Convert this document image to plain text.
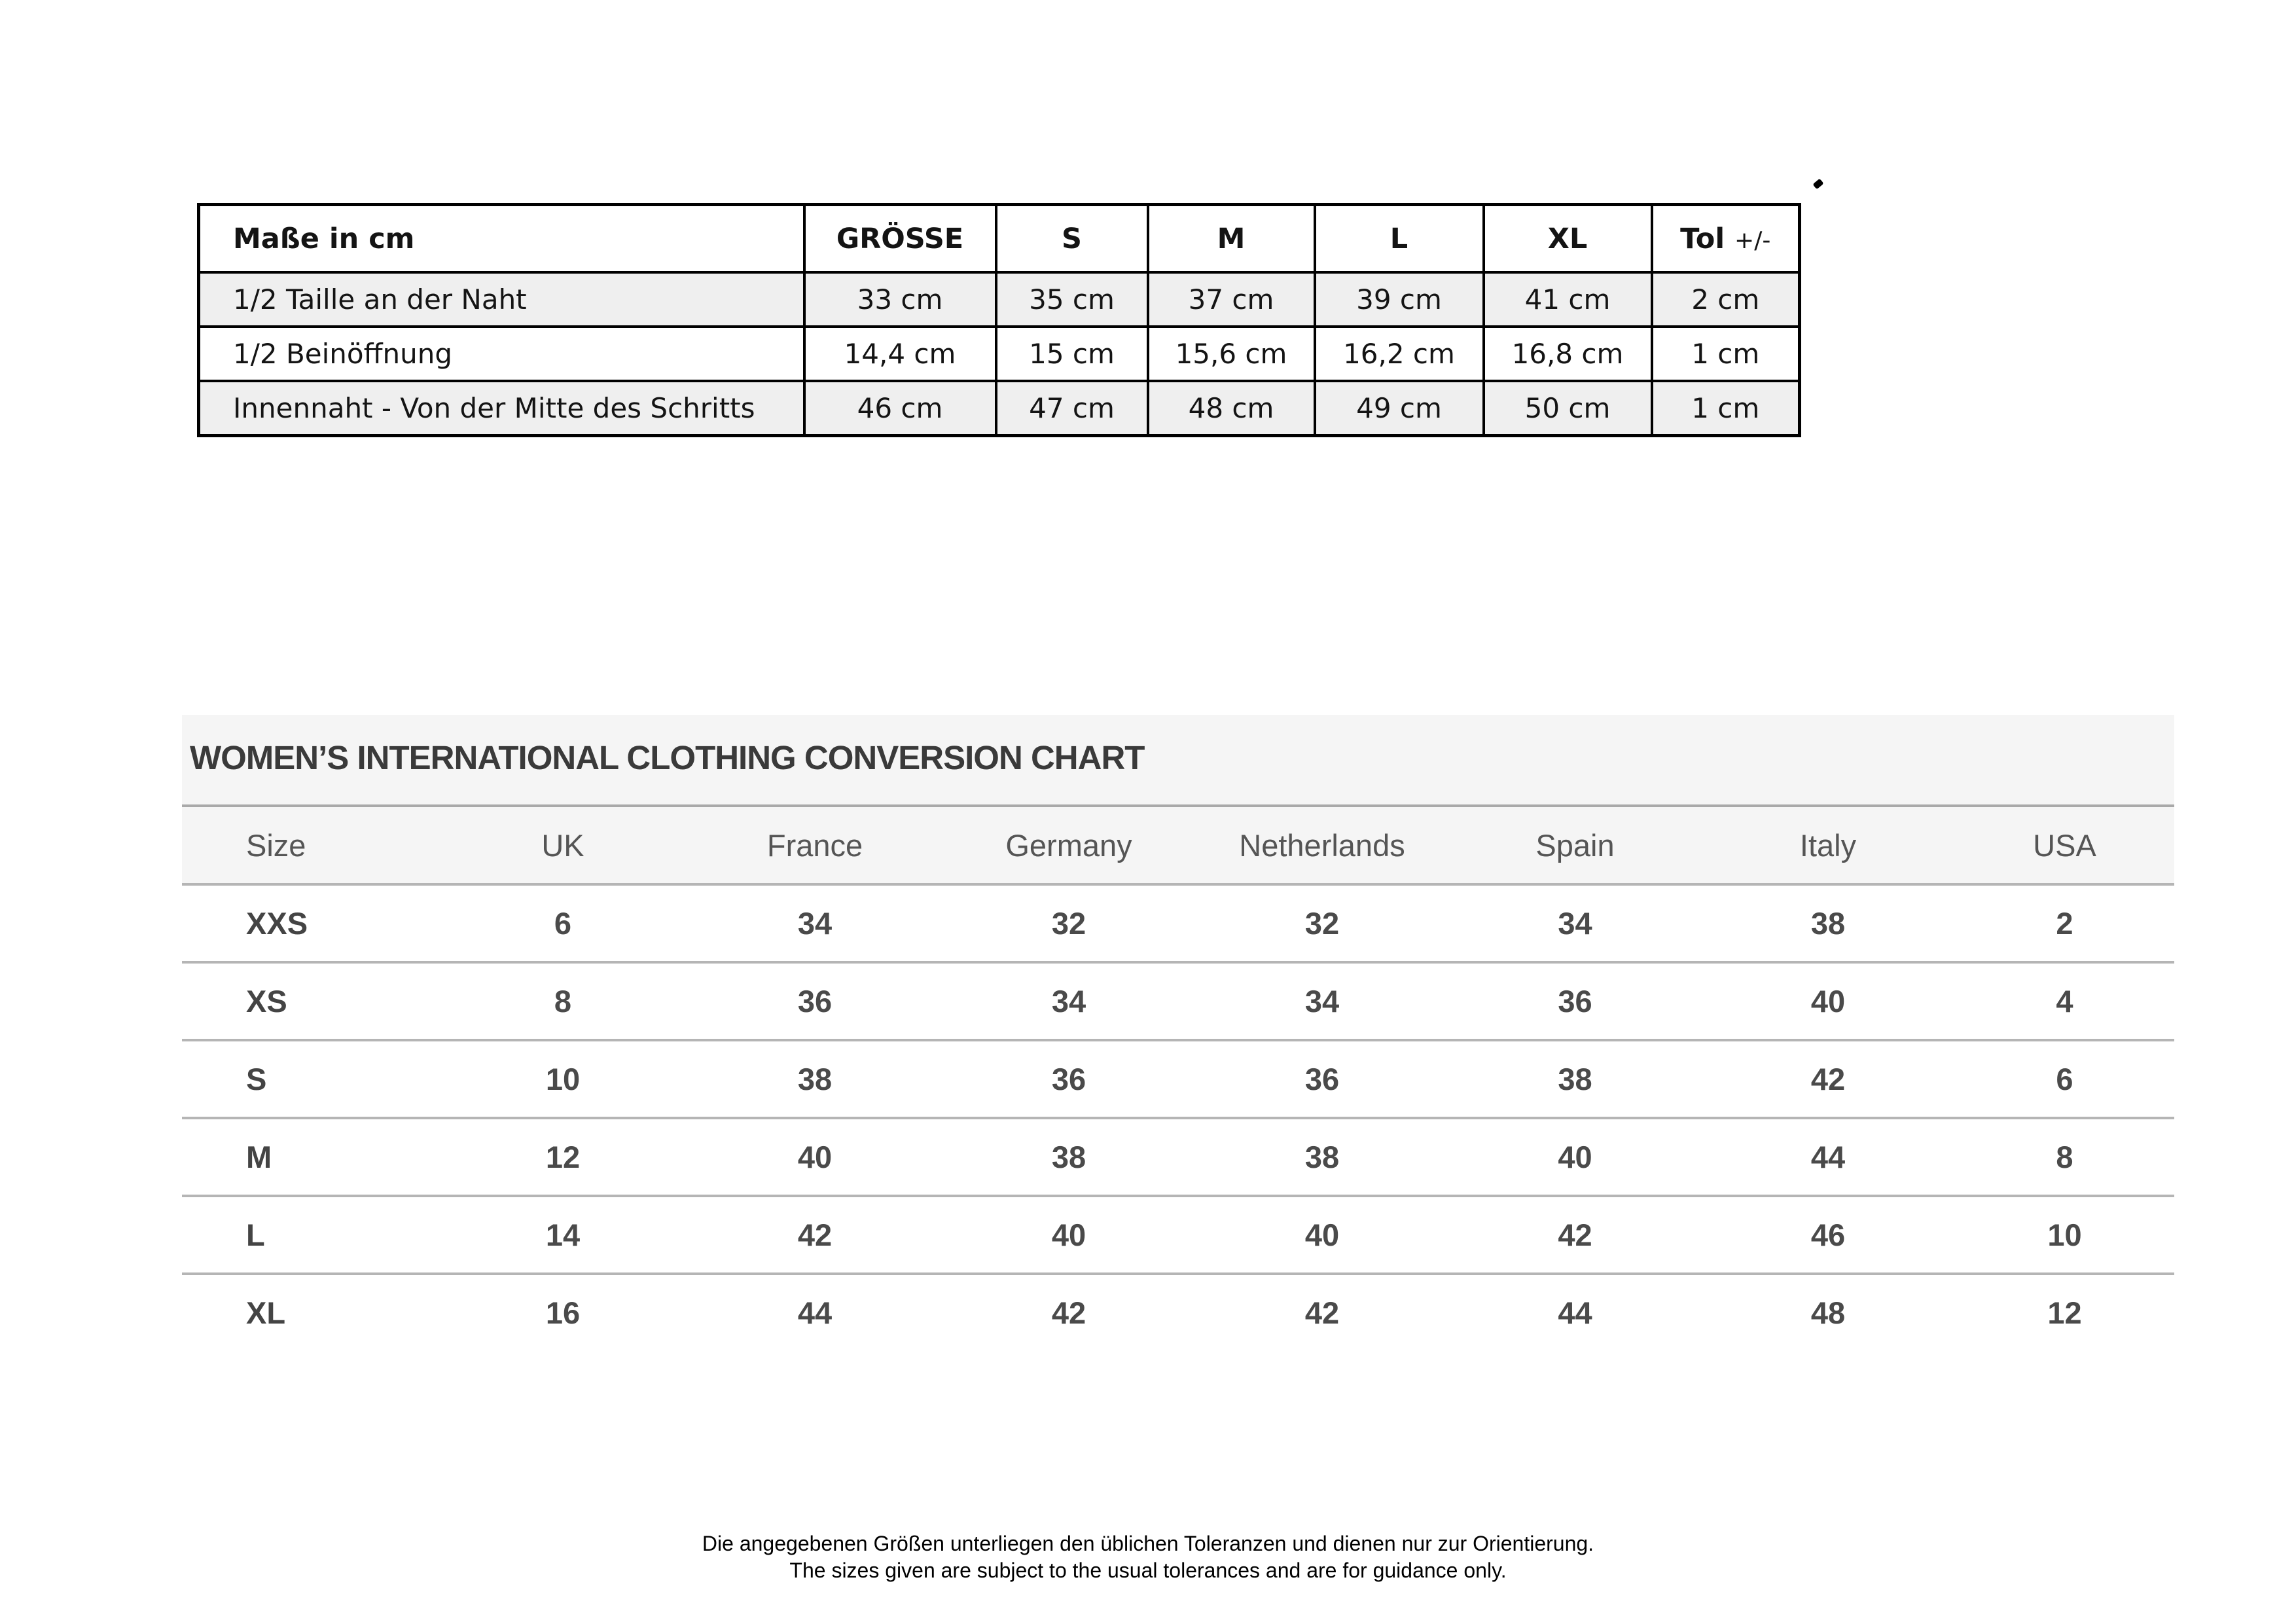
Maße in cm	GRÖSSE	S	M	L	XL	Tol +/-
1/2 Taille an der Naht	33 cm	35 cm	37 cm	39 cm	41 cm	2 cm
1/2 Beinöffnung	14,4 cm	15 cm	15,6 cm	16,2 cm	16,8 cm	1 cm
Innennaht - Von der Mitte des Schritts	46 cm	47 cm	48 cm	49 cm	50 cm	1 cm
WOMEN’S INTERNATIONAL CLOTHING CONVERSION CHART
Size	UK	France	Germany	Netherlands	Spain	Italy	USA
XXS	6	34	32	32	34	38	2
XS	8	36	34	34	36	40	4
S	10	38	36	36	38	42	6
M	12	40	38	38	40	44	8
L	14	42	40	40	42	46	10
XL	16	44	42	42	44	48	12
Die angegebenen Größen unterliegen den üblichen Toleranzen und dienen nur zur Orientierung.
The sizes given are subject to the usual tolerances and are for guidance only.
